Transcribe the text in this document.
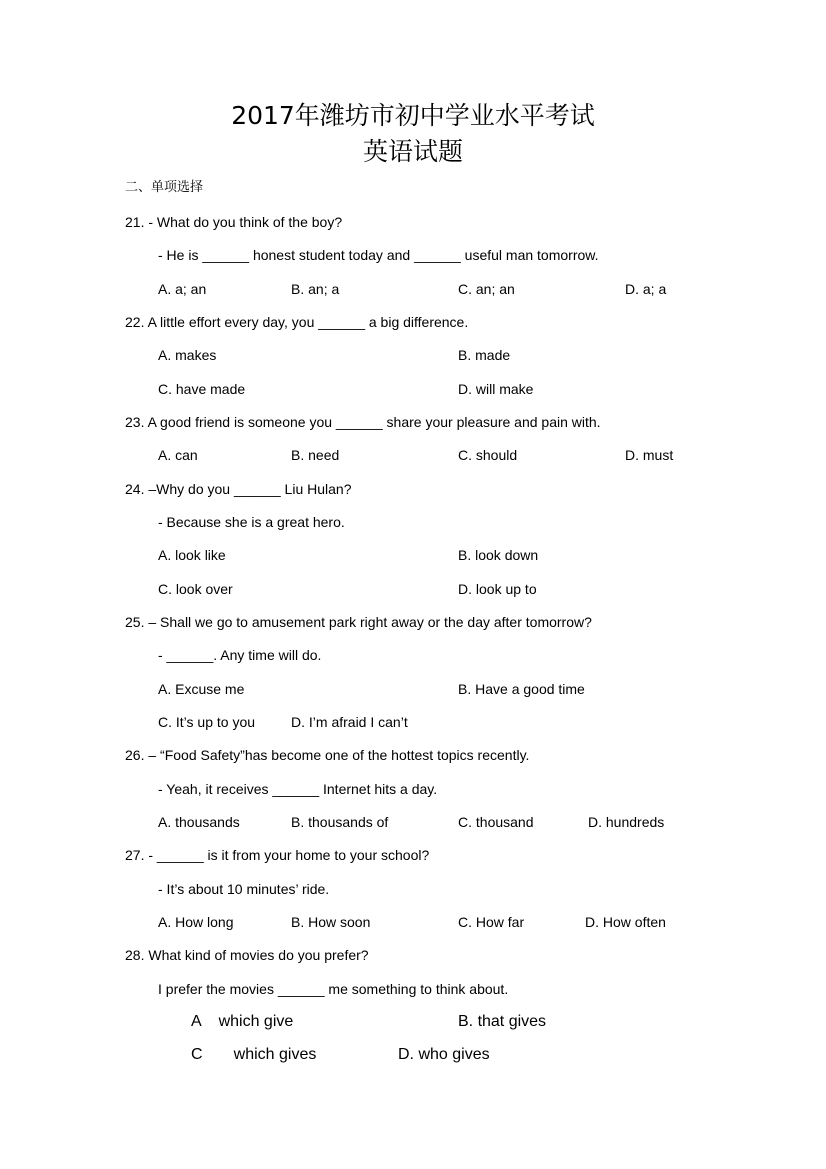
2017年潍坊市初中学业水平考试
英语试题
二、单项选择
21. - What do you think of the boy?
- He is ______ honest student today and ______ useful man tomorrow.
A. a; an	B. an; a	C. an; an	D. a; a
22. A little effort every day, you ______ a big difference.
A. makes	B. made
C. have made	D. will make
23. A good friend is someone you ______ share your pleasure and pain with.
A. can	B. need	C. should	D. must
24. –Why do you ______ Liu Hulan?
- Because she is a great hero.
A. look like	B. look down
C. look over	D. look up to
25. – Shall we go to amusement park right away or the day after tomorrow?
- ______. Any time will do.
A. Excuse me	B. Have a good time
C. It’s up to you	D. I’m afraid I can’t
26. – “Food Safety”has become one of the hottest topics recently.
- Yeah, it receives ______ Internet hits a day.
A. thousands	B. thousands of	C. thousand	D. hundreds
27. - ______ is it from your home to your school?
- It’s about 10 minutes’ ride.
A. How long	B. How soon	C. How far	D. How often
28. What kind of movies do you prefer?
I prefer the movies ______ me something to think about.
A    which give	B. that gives
C       which gives	D. who gives
